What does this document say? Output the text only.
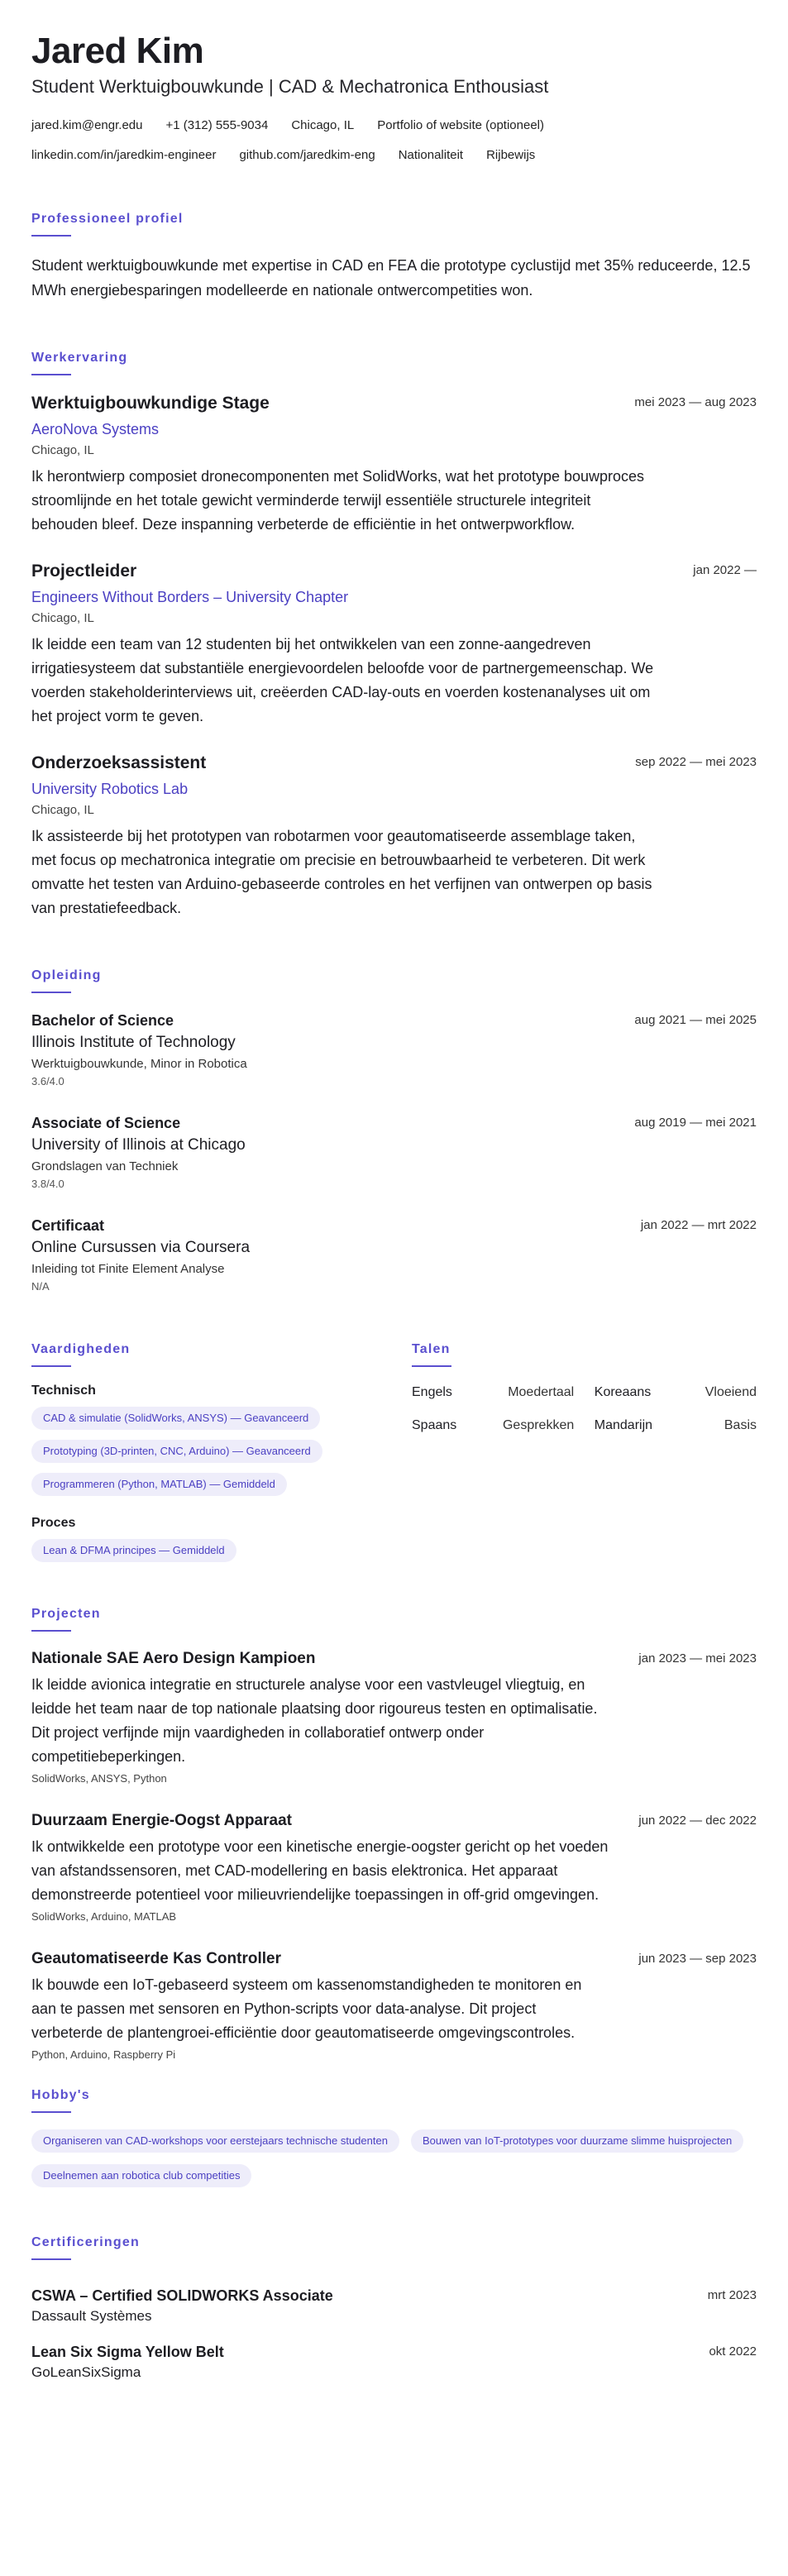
Jared Kim
Student Werktuigbouwkunde | CAD & Mechatronica Enthousiast
jared.kim@engr.edu +1 (312) 555-9034 Chicago, IL Portfolio of website (optioneel)
linkedin.com/in/jaredkim-engineer github.com/jaredkim-eng Nationaliteit Rijbewijs
Professioneel profiel
Student werktuigbouwkunde met expertise in CAD en FEA die prototype cyclustijd met 35% reduceerde, 12.5 MWh energiebesparingen modelleerde en nationale ontwercompetities won.
Werkervaring
Werktuigbouwkundige Stage	mei 2023 — aug 2023
AeroNova Systems
Chicago, IL
Ik herontwierp composiet dronecomponenten met SolidWorks, wat het prototype bouwproces stroomlijnde en het totale gewicht verminderde terwijl essentiële structurele integriteit behouden bleef. Deze inspanning verbeterde de efficiëntie in het ontwerpworkflow.
Projectleider	jan 2022 —
Engineers Without Borders – University Chapter
Chicago, IL
Ik leidde een team van 12 studenten bij het ontwikkelen van een zonne-aangedreven irrigatiesysteem dat substantiële energievoordelen beloofde voor de partnergemeenschap. We voerden stakeholderinterviews uit, creëerden CAD-lay-outs en voerden kostenanalyses uit om het project vorm te geven.
Onderzoeksassistent	sep 2022 — mei 2023
University Robotics Lab
Chicago, IL
Ik assisteerde bij het prototypen van robotarmen voor geautomatiseerde assemblage taken, met focus op mechatronica integratie om precisie en betrouwbaarheid te verbeteren. Dit werk omvatte het testen van Arduino-gebaseerde controles en het verfijnen van ontwerpen op basis van prestatiefeedback.
Opleiding
Bachelor of Science	aug 2021 — mei 2025
Illinois Institute of Technology
Werktuigbouwkunde, Minor in Robotica
3.6/4.0
Associate of Science	aug 2019 — mei 2021
University of Illinois at Chicago
Grondslagen van Techniek
3.8/4.0
Certificaat	jan 2022 — mrt 2022
Online Cursussen via Coursera
Inleiding tot Finite Element Analyse
N/A
Vaardigheden
Technisch
CAD & simulatie (SolidWorks, ANSYS) — Geavanceerd
Prototyping (3D-printen, CNC, Arduino) — Geavanceerd
Programmeren (Python, MATLAB) — Gemiddeld
Proces
Lean & DFMA principes — Gemiddeld
Talen
Engels	Moedertaal Koreaans	Vloeiend
Spaans	Gesprekken Mandarijn	Basis
Projecten
Nationale SAE Aero Design Kampioen	jan 2023 — mei 2023
Ik leidde avionica integratie en structurele analyse voor een vastvleugel vliegtuig, en leidde het team naar de top nationale plaatsing door rigoureus testen en optimalisatie. Dit project verfijnde mijn vaardigheden in collaboratief ontwerp onder competitiebeperkingen.
SolidWorks, ANSYS, Python
Duurzaam Energie-Oogst Apparaat	jun 2022 — dec 2022
Ik ontwikkelde een prototype voor een kinetische energie-oogster gericht op het voeden van afstandssensoren, met CAD-modellering en basis elektronica. Het apparaat demonstreerde potentieel voor milieuvriendelijke toepassingen in off-grid omgevingen.
SolidWorks, Arduino, MATLAB
Geautomatiseerde Kas Controller	jun 2023 — sep 2023
Ik bouwde een IoT-gebaseerd systeem om kassenomstandigheden te monitoren en aan te passen met sensoren en Python-scripts voor data-analyse. Dit project verbeterde de plantengroei-efficiëntie door geautomatiseerde omgevingscontroles.
Python, Arduino, Raspberry Pi
Hobby's
Organiseren van CAD-workshops voor eerstejaars technische studenten	Bouwen van IoT-prototypes voor duurzame slimme huisprojecten
Deelnemen aan robotica club competities
Certificeringen
CSWA – Certified SOLIDWORKS Associate	mrt 2023
Dassault Systèmes
Lean Six Sigma Yellow Belt	okt 2022
GoLeanSixSigma
